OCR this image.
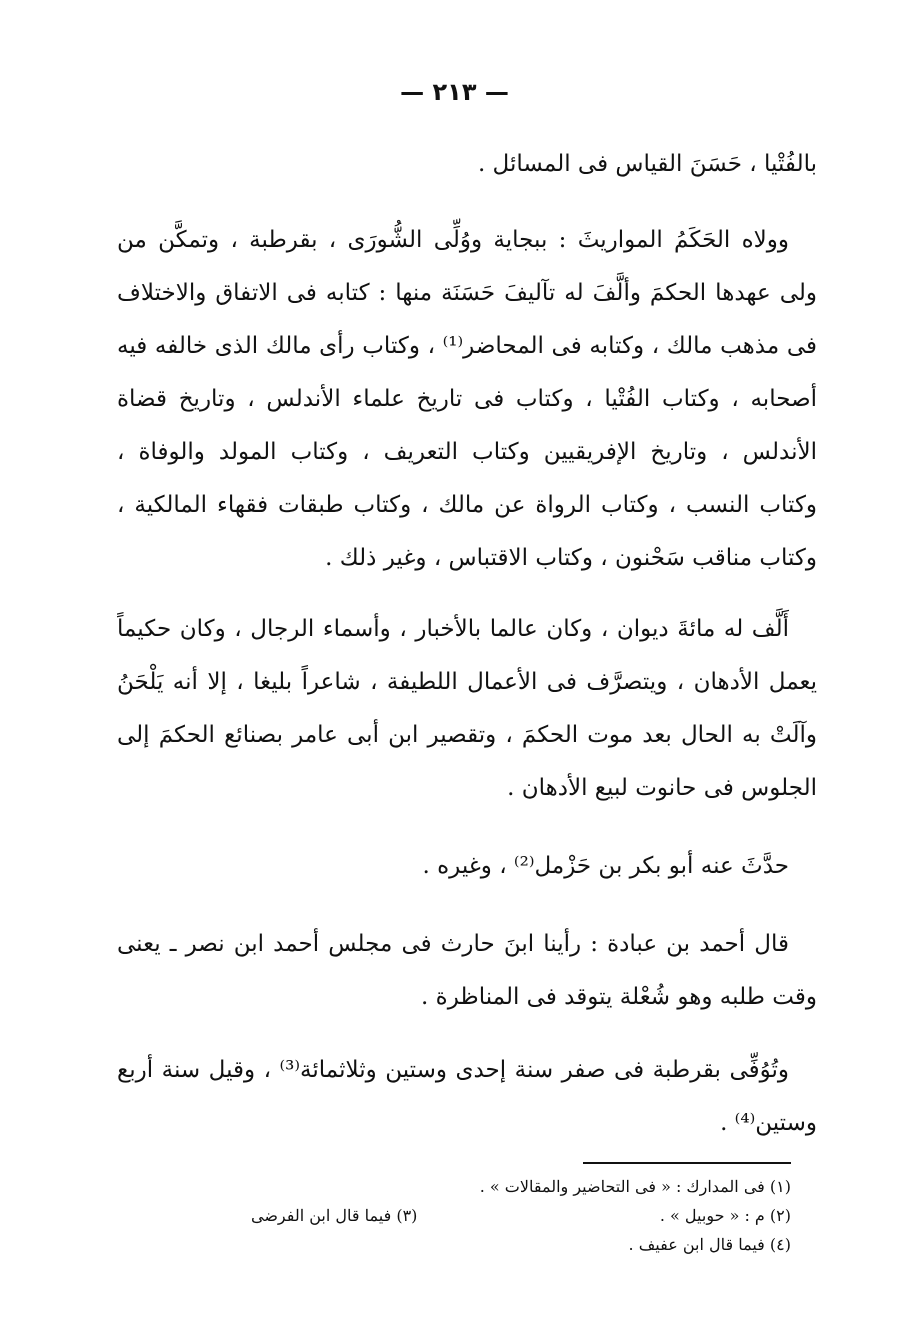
— ٢١٣ —
بالفُتْيا ، حَسَنَ القياس فى المسائل .
وولاه الحَكَمُ المواريثَ : ببجاية ووُلِّى الشُّورَى ، بقرطبة ، وتمكَّن من
ولى عهدها الحكمَ وألَّفَ له تآليفَ حَسَنَة منها : كتابه فى الاتفاق والاختلاف
فى مذهب مالك ، وكتابه فى المحاضر⁽¹⁾ ، وكتاب رأى مالك الذى خالفه فيه
أصحابه ، وكتاب الفُتْيا ، وكتاب فى تاريخ علماء الأندلس ، وتاريخ قضاة
الأندلس ، وتاريخ الإفريقيين وكتاب التعريف ، وكتاب المولد والوفاة ،
وكتاب النسب ، وكتاب الرواة عن مالك ، وكتاب طبقات فقهاء المالكية ،
وكتاب مناقب سَحْنون ، وكتاب الاقتباس ، وغير ذلك .
أَلَّف له مائةَ ديوان ، وكان عالما بالأخبار ، وأسماء الرجال ، وكان حكيماً
يعمل الأدهان ، ويتصرَّف فى الأعمال اللطيفة ، شاعراً بليغا ، إلا أنه يَلْحَنُ
وآلَتْ به الحال بعد موت الحكمَ ، وتقصير ابن أبى عامر بصنائع الحكمَ إلى
الجلوس فى حانوت لبيع الأدهان .
حدَّثَ عنه أبو بكر بن حَزْمل⁽²⁾ ، وغيره .
قال أحمد بن عبادة : رأينا ابنَ حارث فى مجلس أحمد ابن نصر ـ يعنى
وقت طلبه وهو شُعْلة يتوقد فى المناظرة .
وتُوُفِّى بقرطبة فى صفر سنة إحدى وستين وثلاثمائة⁽³⁾ ، وقيل سنة أربع
وستين⁽⁴⁾ .
(١) فى المدارك : « فى التحاضير والمقالات » .
(٢) م : « حوبيل » .
(٣) فيما قال ابن الفرضى
(٤) فيما قال ابن عفيف .
